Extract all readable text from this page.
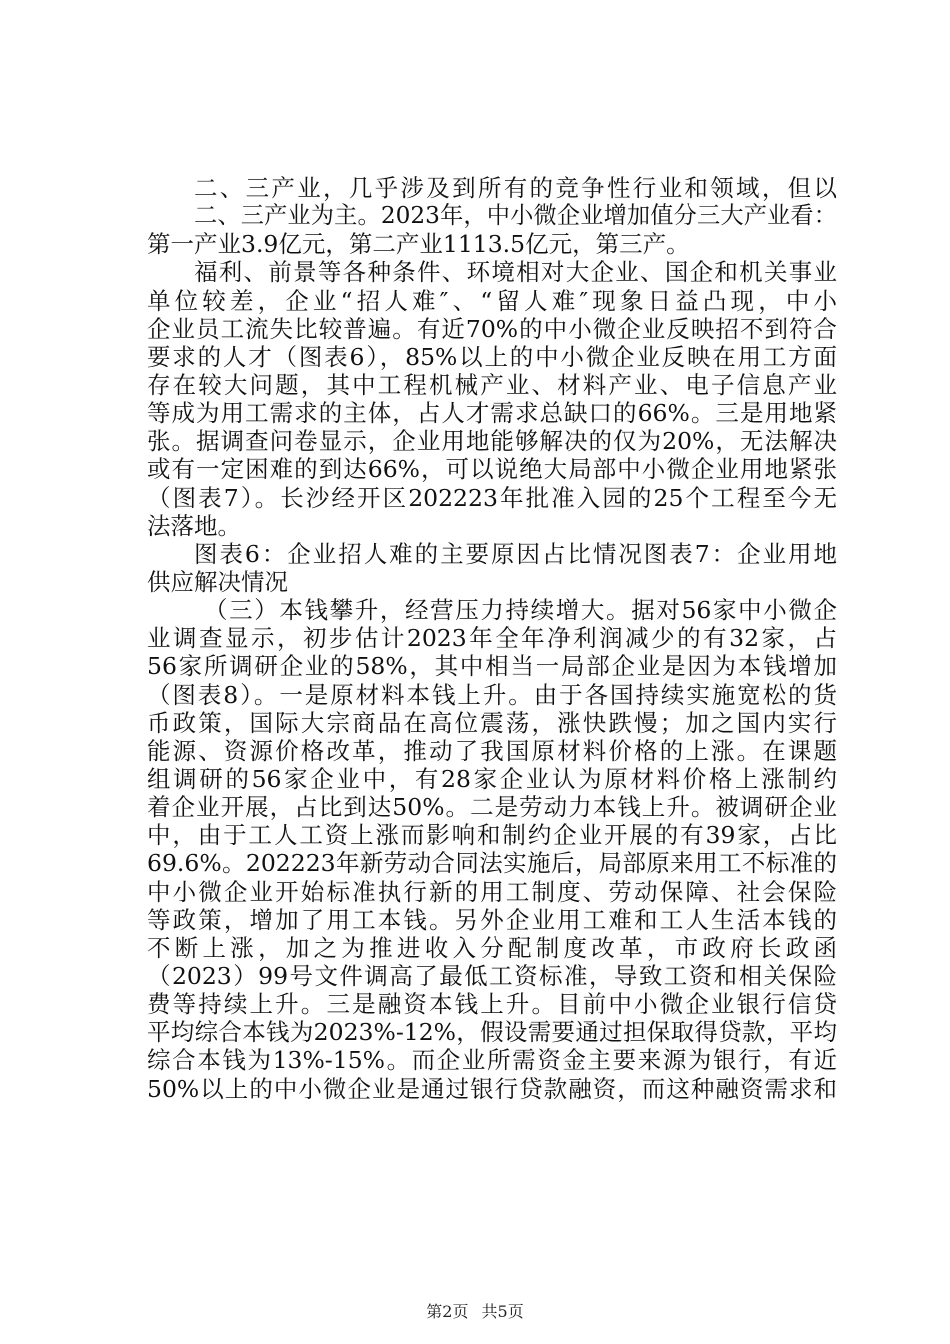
二、三产业，几乎涉及到所有的竞争性行业和领域，但以
二、三产业为主。2023年，中小微企业增加值分三大产业看：
第一产业3.9亿元，第二产业1113.5亿元，第三产。
福利、前景等各种条件、环境相对大企业、国企和机关事业
单位较差，企业“招人难″、“留人难″现象日益凸现，中小
企业员工流失比较普遍。有近70%的中小微企业反映招不到符合
要求的人才（图表6），85%以上的中小微企业反映在用工方面
存在较大问题，其中工程机械产业、材料产业、电子信息产业
等成为用工需求的主体，占人才需求总缺口的66%。三是用地紧
张。据调查问卷显示，企业用地能够解决的仅为20%，无法解决
或有一定困难的到达66%，可以说绝大局部中小微企业用地紧张
（图表7）。长沙经开区202223年批准入园的25个工程至今无
法落地。
图表6：企业招人难的主要原因占比情况图表7：企业用地
供应解决情况
（三）本钱攀升，经营压力持续增大。据对56家中小微企
业调查显示，初步估计2023年全年净利润减少的有32家，占
56家所调研企业的58%，其中相当一局部企业是因为本钱增加
（图表8）。一是原材料本钱上升。由于各国持续实施宽松的货
币政策，国际大宗商品在高位震荡，涨快跌慢；加之国内实行
能源、资源价格改革，推动了我国原材料价格的上涨。在课题
组调研的56家企业中，有28家企业认为原材料价格上涨制约
着企业开展，占比到达50%。二是劳动力本钱上升。被调研企业
中，由于工人工资上涨而影响和制约企业开展的有39家，占比
69.6%。202223年新劳动合同法实施后，局部原来用工不标准的
中小微企业开始标准执行新的用工制度、劳动保障、社会保险
等政策，增加了用工本钱。另外企业用工难和工人生活本钱的
不断上涨，加之为推进收入分配制度改革，市政府长政函
（2023）99号文件调高了最低工资标准，导致工资和相关保险
费等持续上升。三是融资本钱上升。目前中小微企业银行信贷
平均综合本钱为2023%-12%，假设需要通过担保取得贷款，平均
综合本钱为13%-15%。而企业所需资金主要来源为银行，有近
50%以上的中小微企业是通过银行贷款融资，而这种融资需求和
第2页 共5页
